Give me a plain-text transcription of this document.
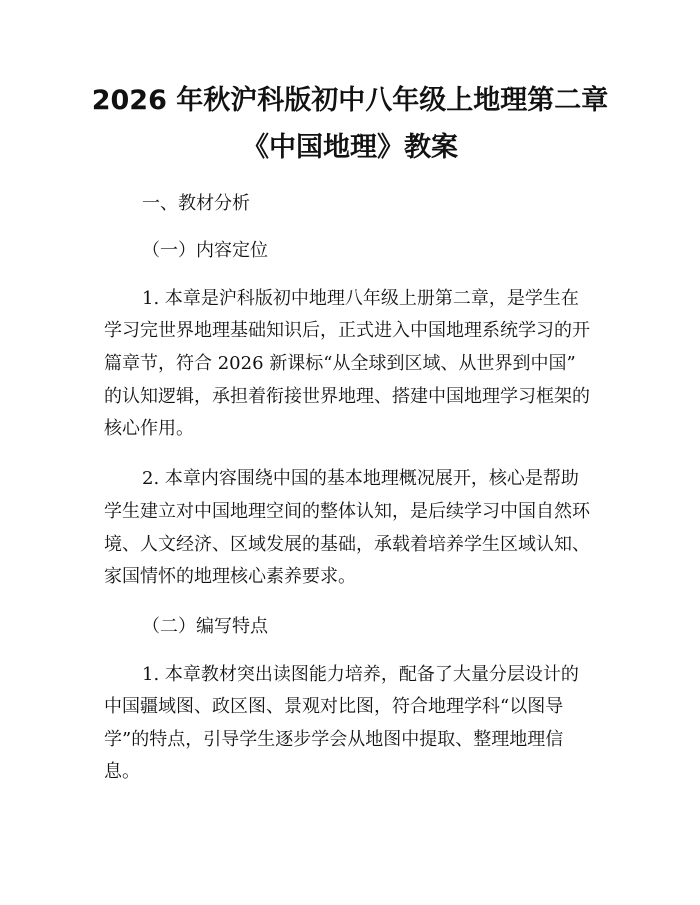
2026 年秋沪科版初中八年级上地理第二章
《中国地理》教案
一、教材分析
（一）内容定位
1. 本章是沪科版初中地理八年级上册第二章，是学生在
学习完世界地理基础知识后，正式进入中国地理系统学习的开
篇章节，符合 2026 新课标“从全球到区域、从世界到中国”
的认知逻辑，承担着衔接世界地理、搭建中国地理学习框架的
核心作用。
2. 本章内容围绕中国的基本地理概况展开，核心是帮助
学生建立对中国地理空间的整体认知，是后续学习中国自然环
境、人文经济、区域发展的基础，承载着培养学生区域认知、
家国情怀的地理核心素养要求。
（二）编写特点
1. 本章教材突出读图能力培养，配备了大量分层设计的
中国疆域图、政区图、景观对比图，符合地理学科“以图导
学”的特点，引导学生逐步学会从地图中提取、整理地理信
息。
